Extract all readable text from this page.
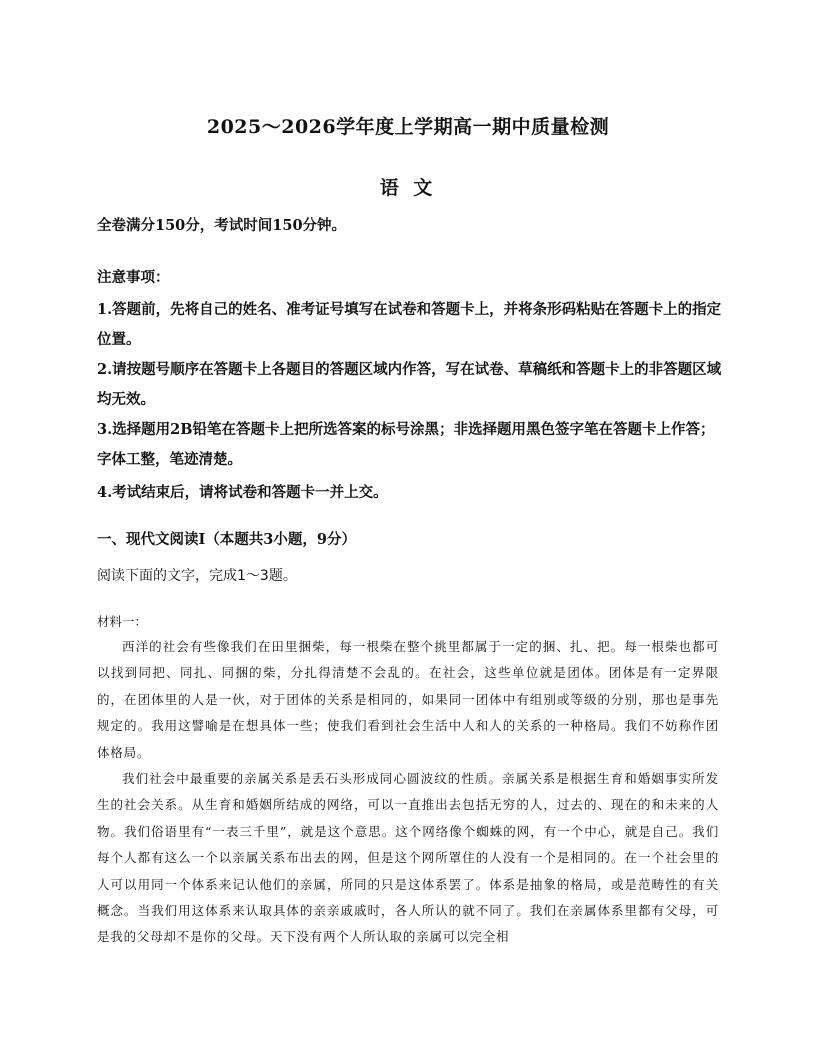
2025～2026学年度上学期高一期中质量检测
语 文
全卷满分150分，考试时间150分钟。
注意事项：
1.答题前，先将自己的姓名、准考证号填写在试卷和答题卡上，并将条形码粘贴在答题卡上的指定位置。
2.请按题号顺序在答题卡上各题目的答题区域内作答，写在试卷、草稿纸和答题卡上的非答题区域均无效。
3.选择题用2B铅笔在答题卡上把所选答案的标号涂黑；非选择题用黑色签字笔在答题卡上作答；字体工整，笔迹清楚。
4.考试结束后，请将试卷和答题卡一并上交。
一、现代文阅读Ⅰ（本题共3小题，9分）
阅读下面的文字，完成1～3题。
材料一：
西洋的社会有些像我们在田里捆柴，每一根柴在整个挑里都属于一定的捆、扎、把。每一根柴也都可以找到同把、同扎、同捆的柴，分扎得清楚不会乱的。在社会，这些单位就是团体。团体是有一定界限的，在团体里的人是一伙，对于团体的关系是相同的，如果同一团体中有组别或等级的分别，那也是事先规定的。我用这譬喻是在想具体一些；使我们看到社会生活中人和人的关系的一种格局。我们不妨称作团体格局。
我们社会中最重要的亲属关系是丢石头形成同心圆波纹的性质。亲属关系是根据生育和婚姻事实所发生的社会关系。从生育和婚姻所结成的网络，可以一直推出去包括无穷的人，过去的、现在的和未来的人物。我们俗语里有“一表三千里”，就是这个意思。这个网络像个蜘蛛的网，有一个中心，就是自己。我们每个人都有这么一个以亲属关系布出去的网，但是这个网所罩住的人没有一个是相同的。在一个社会里的人可以用同一个体系来记认他们的亲属，所同的只是这体系罢了。体系是抽象的格局，或是范畴性的有关概念。当我们用这体系来认取具体的亲亲戚戚时，各人所认的就不同了。我们在亲属体系里都有父母，可是我的父母却不是你的父母。天下没有两个人所认取的亲属可以完全相
